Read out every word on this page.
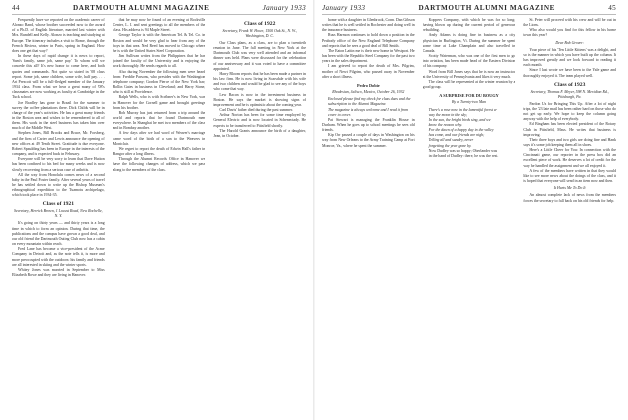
44	DARTMOUTH ALUMNI MAGAZINE	January 1933

Frequently have we reported on the academic career of Alonzo Rand, whose brother succeeded now to the award of a Ph.D. of English literature, married last winter with Mrs. Rundell and Kelly. Alonzo is teaching and studying at Europe. The itinerary includes a visit to Rome, through the French Riviera, winter in Paris, spring in England. How does one get that way?

In these days of rapid change it is news to report, 'Sam's family, same job, same pay.' To whom will we concede this all? It's new honor to come here, and both quotes and commands. Not quite so stated in '08 class report. Some job, same children, some wife, half pay. . . . Art Prescott will be a full-fledged member of the January 1934 class. From what we hear a great many of '08's classmates are now working as faculty at Cambridge in the Tuck school.

Joe Bradley has gone to Brazil for the summer to survey the coffee plantations there. Dick Childs will be in charge of the year's activities. He has a great many friends in the Boston area and wishes to be remembered to all of them. His work in the steel business has taken him over much of the Middle West.

Stephen Jones, Bill Brooks and Bruce, Mr. Forsberg, and the firm of Carter and Lewis announce the opening of new offices at 49 Tenth Street. Gratitude is due everyone. Robert Spaulding has been in Europe in the interests of the company, and is expected back in February.

Everyone will be very sorry to learn that Dave Hutton has been confined to his bed for many weeks and is now slowly recovering from a serious case of arthritis.

All the way from Honolulu comes news of a second baby in the Paul Foster family. After several years of travel he has settled down to write up the Bishop Museum's ethnographical expedition to the Tuamotu archipelago, which took place in 1934-35.

Class of 1921
Secretary, Herrick Brown, 1 Locust Road, New Rochelle, N. Y.

It's going on thirty years — and thirty years is a long time in which to form an opinion. During that time, the publications and the campus have grown a good deal, and our old friend the Dartmouth Outing Club now has a cabin on every mountain within reach.

Fred Lane has become a vice-president of the Acme Company in Detroit and, as the note tells it, is more and more preoccupied with the outdoors: his family and friends are all interested in skiing and the winter sports.

Whitey Jones was married in September to Miss Elizabeth Rowe and they are living in Hanover.

that he may now be found of an evening at Rockville Center, L. I. and sent greetings to all the members of the class. His address is 94 Maple Street.

George Taylor is with the American Tel. & Tel. Co. in Boston and would be very glad to hear from any of the boys in that area. Ned Reed has moved to Chicago where he is with the United States Steel Corporation.

Jim Sullivan writes from the Philippines that he has joined the faculty of the University and is enjoying the work thoroughly. He sends regards to all.

Also during November the following men were heard from: Freddie Parsons, who presides with the Washington telephone company; Gordon Pierce of the New York bar; Rollin Gates in business in Cleveland; and Harry Stone, who is still at Providence.

Ralph Wells, who is with Scribner's in New York, was in Hanover for the Cornell game and brought greetings from his brother.

Bob Murray has just returned from a trip around the world and reports that he found Dartmouth men everywhere. In Shanghai he met two members of the class and in Bombay another.

A few days after we had word of Weaver's marriage came word of the birth of a son to the Weavers in Montclair.

We regret to report the death of Edwin Hall's father in Bangor after a long illness.

Through the Alumni Records Office in Hanover we have the following changes of address, which we pass along to the members of the class.

Class of 1922
Secretary, Frank W. Howe, 1500 Oak St., N. W., Washington, D. C.

Our Class plans, as a class, are to plan a twentieth reunion in June. The fall meeting in New York at the Dartmouth Club was very well attended and an informal dinner was held. Plans were discussed for the celebration of our anniversary and it was voted to have a committee appointed.

Harry Bloom reports that he has been made a partner in his law firm. He is now living in Scarsdale with his wife and two children and would be glad to see any of the boys who come that way.

Lew Bacon is now in the investment business in Boston. He says the market is showing signs of improvement and he is optimistic about the coming year.

Carl Davis' father died during the past summer.

Arthur Norton has been for some time employed by General Electric and is now located in Schenectady. He expects to be transferred to Pittsfield shortly.

The Harold Grants announce the birth of a daughter, Jean, in October.

January 1933	DARTMOUTH ALUMNI MAGAZINE	45

home with a daughter in Glenbrook, Conn. Dan Gibson writes that he is well settled in Rochester and doing well in the insurance business.

Russ Harmon continues to hold down a position in the Peabody office of the New England Telephone Company and reports that he sees a good deal of Bill Smith.

The Eaton Lattin me is their new home in Westport. He has been with the Republic Steel Company for the past two years in the sales department.

I am grieved to report the death of Mrs. Pilgrim, mother of Newt Pilgrim, who passed away in November after a short illness.

Pedro Dobie
Rhodesian, Jalisco, Mexico, October 26, 1932

Enclosed please find my check for class dues and the subscription to the Alumni Magazine.

The magazine is always welcome and I read it from cover to cover.

Pat Stewart is managing the Franklin House in Durham. When he goes up to school meetings he sees old friends.

Kip Orr passed a couple of days in Washington on his way from New Orleans to the Army Training Camp at Fort Monroe, Va., where he spent the summer.

Koppers Company, with which he was for so long; having blown up during the current period of generous rebuilding.

Andy Adams is doing fine in business as a city physician in Burlington, Vt. During the summer he spent some time at Lake Champlain and also travelled in Canada.

Scotty Waterman, who was one of the first men to go into aviation, has been made head of the Eastern Division of his company.

Word from Bill Jones says that he is now an instructor at the University of Pennsylvania and likes it very much.

The class will be represented at the winter reunion by a good group.

A SURPRISE FOR DU BOUGY
By a Twenty-two Man

There's a rose now in the lamentful forest a-

way the moon in the sky;

In the sun, the bright birds sing, and we

know the reason why.

For the dawn of a happy day in the valley

has come, and our friends are nigh;

Telling all and sundry, never

forgetting the year gone by.

Now Dudley was so happy; Oberlander was

in the hand of Dudley: there, he was the rest.

St. Peter will proceed with his crew and will be out in the Lions.

Who also would you find for this fellow in his home town this year?

Dear Bob Grover:

Your piece of his 'Ten Little Kittens' was a delight, and so is the manner in which you have built up the column. It has improved greatly and we look forward to reading it each month.

Since I last wrote we have been to the Yale game and thoroughly enjoyed it. The team played well.

Class of 1923
Secretary, Thomas F. Meyer, 598 N. Meridian Rd., Pittsburgh, Pa.

Pardon Us for Bringing This Up. After a lot of night trips, the '23 late mail has been rather hard on those who do not get up early. We hope to keep the column going anyway with the help of everybody.

Ed Bingham has been elected president of the Rotary Club in Pittsfield, Mass. He writes that business is improving.

Their three boys and two girls are doing fine and Hank says it's some job keeping them all in shoes.

Here's a Little Cheer for You: In connection with the Cincinnati game, our reporter in the press box did an excellent piece of work. He deserves a lot of credit for the way he handled the assignment and we all enjoyed it.

A few of the members have written in that they would like to see more news about the doings of the class, and it is hoped that everyone will send in an item now and then.

It Hurts Me To Do It

An almost complete lack of news from the members forces the secretary to fall back on his old friends for help.
